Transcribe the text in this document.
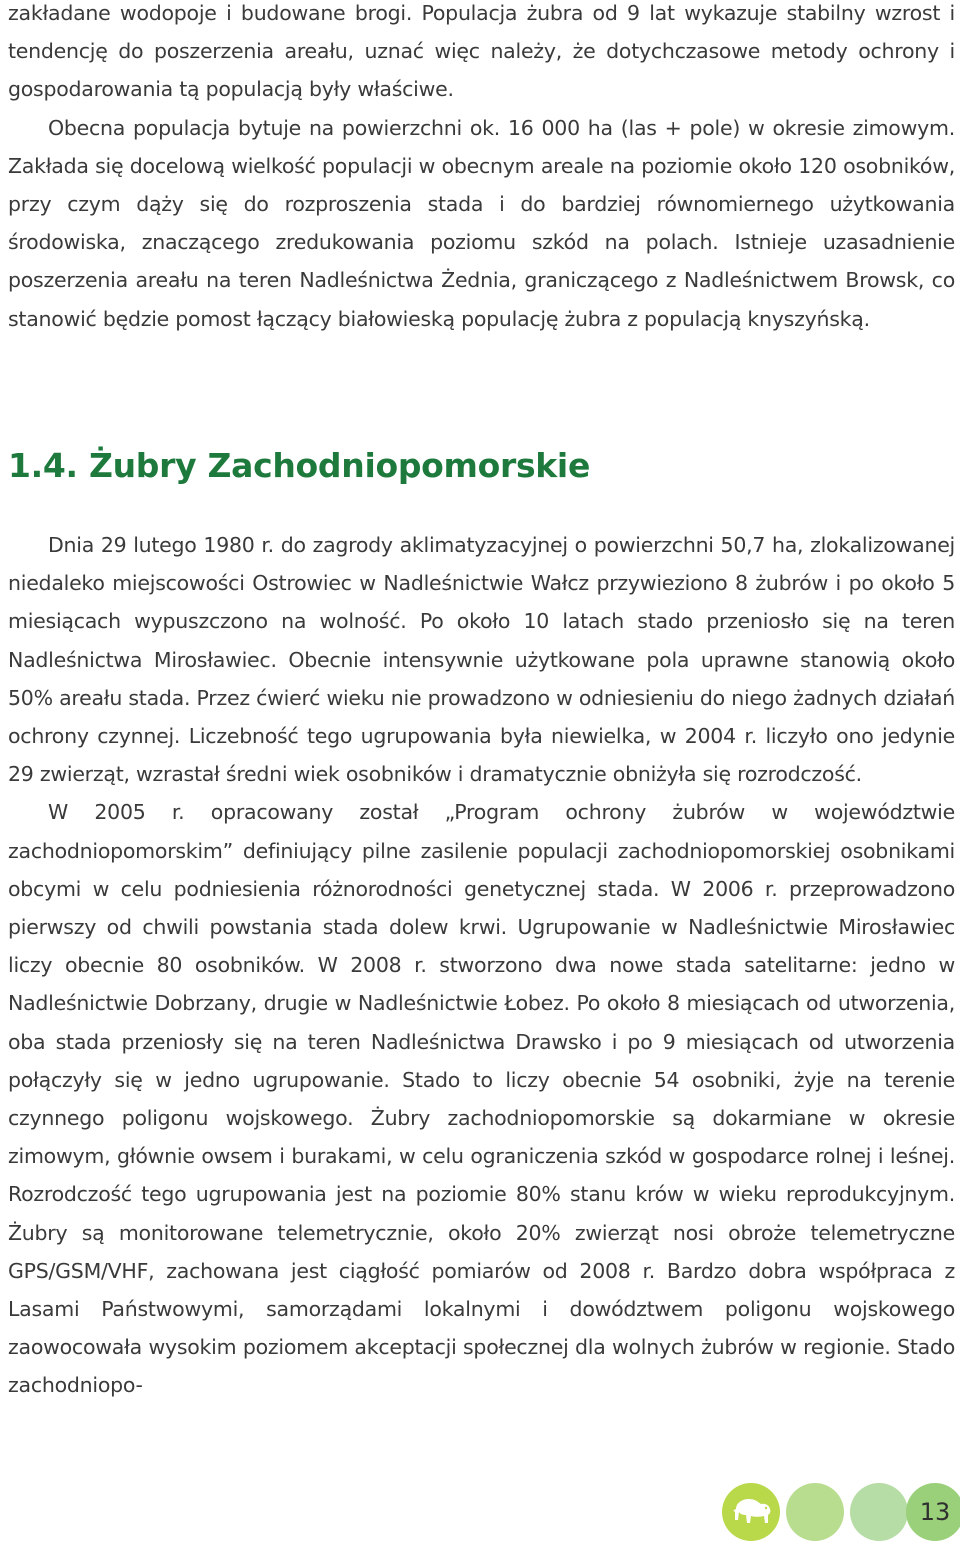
zakładane wodopoje i budowane brogi. Populacja żubra od 9 lat wykazuje stabilny wzrost i tendencję do poszerzenia areału, uznać więc należy, że dotychczasowe metody ochrony i gospodarowania tą populacją były właściwe.

Obecna populacja bytuje na powierzchni ok. 16 000 ha (las + pole) w okresie zimowym. Zakłada się docelową wielkość populacji w obecnym areale na poziomie około 120 osobników, przy czym dąży się do rozproszenia stada i do bardziej równomiernego użytkowania środowiska, znaczącego zredukowania poziomu szkód na polach. Istnieje uzasadnienie poszerzenia areału na teren Nadleśnictwa Żednia, graniczącego z Nadleśnictwem Browsk, co stanowić będzie pomost łączący białowieską populację żubra z populacją knyszyńską.

1.4. Żubry Zachodniopomorskie

Dnia 29 lutego 1980 r. do zagrody aklimatyzacyjnej o powierzchni 50,7 ha, zlokalizowanej niedaleko miejscowości Ostrowiec w Nadleśnictwie Wałcz przywieziono 8 żubrów i po około 5 miesiącach wypuszczono na wolność. Po około 10 latach stado przeniosło się na teren Nadleśnictwa Mirosławiec. Obecnie intensywnie użytkowane pola uprawne stanowią około 50% areału stada. Przez ćwierć wieku nie prowadzono w odniesieniu do niego żadnych działań ochrony czynnej. Liczebność tego ugrupowania była niewielka, w 2004 r. liczyło ono jedynie 29 zwierząt, wzrastał średni wiek osobników i dramatycznie obniżyła się rozrodczość.

W 2005 r. opracowany został „Program ochrony żubrów w województwie zachodniopomorskim” definiujący pilne zasilenie populacji zachodniopomorskiej osobnikami obcymi w celu podniesienia różnorodności genetycznej stada. W 2006 r. przeprowadzono pierwszy od chwili powstania stada dolew krwi. Ugrupowanie w Nadleśnictwie Mirosławiec liczy obecnie 80 osobników. W 2008 r. stworzono dwa nowe stada satelitarne: jedno w Nadleśnictwie Dobrzany, drugie w Nadleśnictwie Łobez. Po około 8 miesiącach od utworzenia, oba stada przeniosły się na teren Nadleśnictwa Drawsko i po 9 miesiącach od utworzenia połączyły się w jedno ugrupowanie. Stado to liczy obecnie 54 osobniki, żyje na terenie czynnego poligonu wojskowego. Żubry zachodniopomorskie są dokarmiane w okresie zimowym, głównie owsem i burakami, w celu ograniczenia szkód w gospodarce rolnej i leśnej. Rozrodczość tego ugrupowania jest na poziomie 80% stanu krów w wieku reprodukcyjnym. Żubry są monitorowane telemetrycznie, około 20% zwierząt nosi obroże telemetryczne GPS/GSM/VHF, zachowana jest ciągłość pomiarów od 2008 r. Bardzo dobra współpraca z Lasami Państwowymi, samorządami lokalnymi i dowództwem poligonu wojskowego zaowocowała wysokim poziomem akceptacji społecznej dla wolnych żubrów w regionie. Stado zachodniopo-

13
